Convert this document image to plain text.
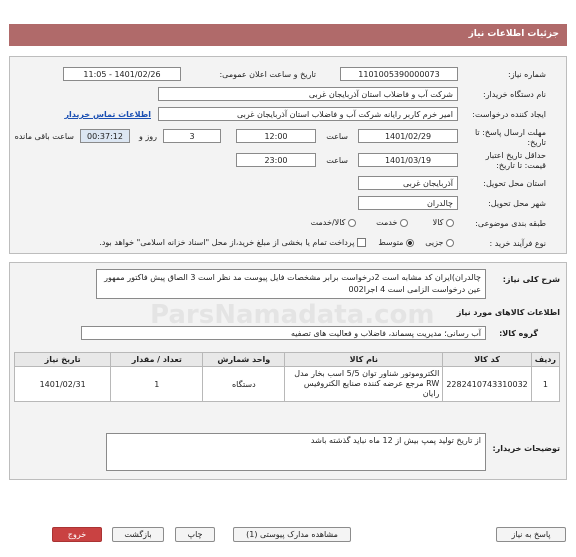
جزئیات اطلاعات نیاز
شماره نیاز:
1101005390000073
تاریخ و ساعت اعلان عمومی:
1401/02/26 - 11:05
نام دستگاه خریدار:
شرکت آب و فاضلاب استان آذربایجان غربی
ایجاد کننده درخواست:
امیر خرم کاربر رایانه شرکت آب و فاضلاب استان آذربایجان غربی
اطلاعات تماس خریدار
مهلت ارسال پاسخ: تا تاریخ:
1401/02/29
ساعت
12:00
3
روز و
00:37:12
ساعت باقی مانده
حداقل تاریخ اعتبار قیمت: تا تاریخ:
1401/03/19
ساعت
23:00
استان محل تحویل:
آذربایجان غربی
شهر محل تحویل:
چالدران
طبقه بندی موضوعی:
کالا
خدمت
کالا/خدمت
نوع فرآیند خرید :
جزیی
متوسط
پرداخت تمام یا بخشی از مبلغ خرید،از محل "اسناد خزانه اسلامی" خواهد بود.
شرح کلی نیاز:
چالدران)ایران کد مشابه است 2درخواست برابر مشخصات فایل پیوست مد نظر است 3 الصاق پیش فاکتور ممهور عین درخواست الزامی است 4 اجرا002
اطلاعات کالاهای مورد نیاز
گروه کالا:
آب رسانی؛ مدیریت پسماند، فاضلاب و فعالیت های تصفیه
ردیف	کد کالا	نام کالا	واحد شمارش	تعداد / مقدار	تاریخ نیاز
1	2282410743310032	الکتروموتور شناور توان 5/5 اسب بخار مدل RW مرجع عرضه کننده صنایع الکتروفیس رایان	دستگاه	1	1401/02/31
توضیحات خریدار:
از تاریخ تولید پمپ بیش از 12 ماه نباید گذشته باشد
ParsNamadata.com
پاسخ به نیاز
مشاهده مدارک پیوستی (1)
چاپ
بازگشت
خروج
